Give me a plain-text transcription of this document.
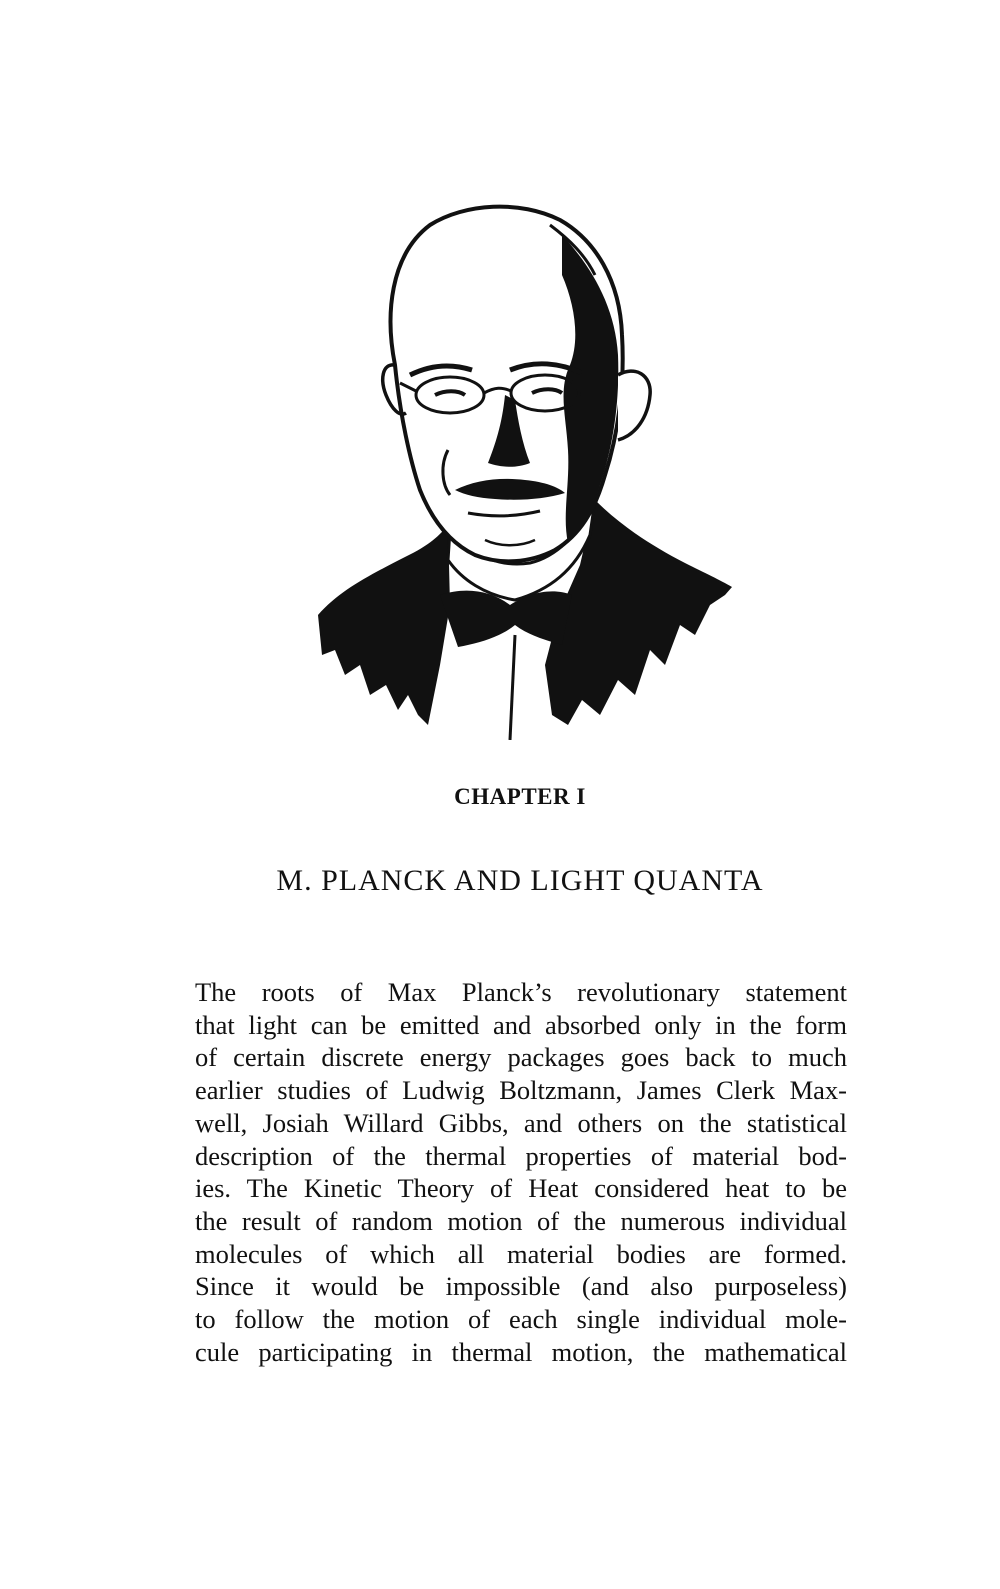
CHAPTER I
M. PLANCK AND LIGHT QUANTA
The roots of Max Planck’s revolutionary statement
that light can be emitted and absorbed only in the form
of certain discrete energy packages goes back to much
earlier studies of Ludwig Boltzmann, James Clerk Max-
well, Josiah Willard Gibbs, and others on the statistical
description of the thermal properties of material bod-
ies. The Kinetic Theory of Heat considered heat to be
the result of random motion of the numerous individual
molecules of which all material bodies are formed.
Since it would be impossible (and also purposeless)
to follow the motion of each single individual mole-
cule participating in thermal motion, the mathematical
